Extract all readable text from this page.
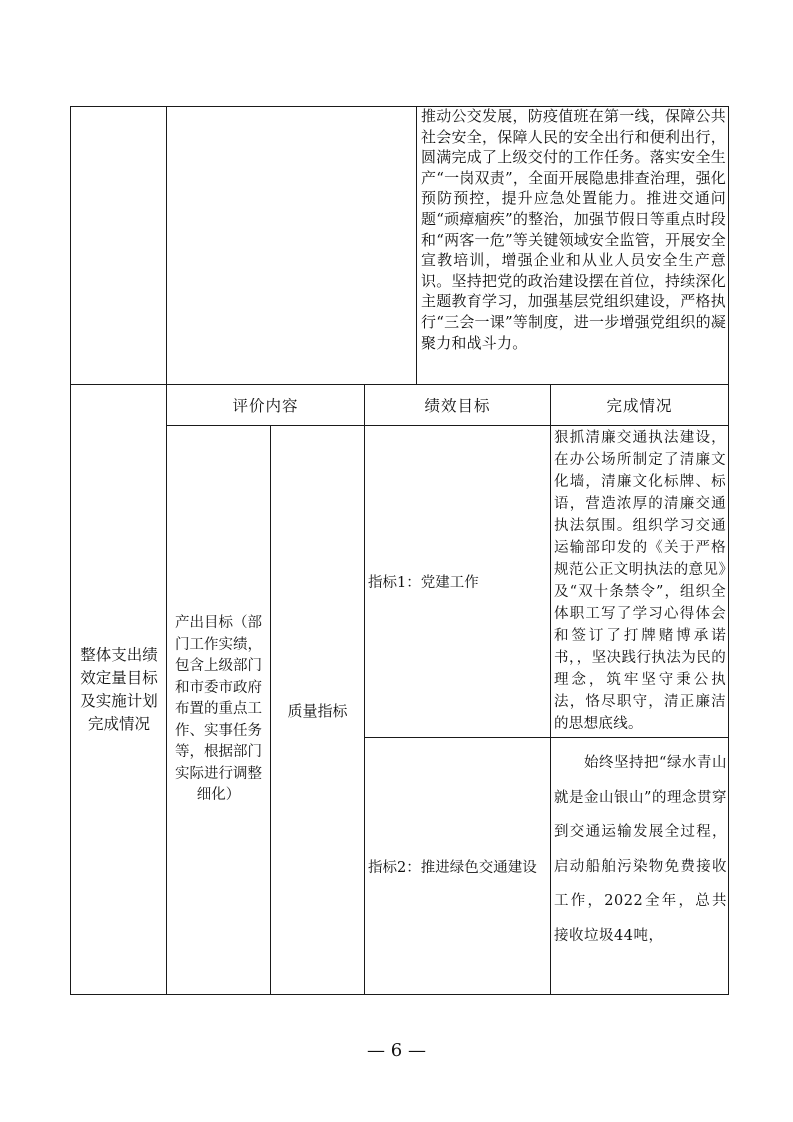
推动公交发展，防疫值班在第一线，保障公共社会安全，保障人民的安全出行和便利出行，圆满完成了上级交付的工作任务。落实安全生产“一岗双责”，全面开展隐患排查治理，强化预防预控，提升应急处置能力。推进交通问题“顽瘴痼疾”的整治，加强节假日等重点时段和“两客一危”等关键领域安全监管，开展安全宣教培训，增强企业和从业人员安全生产意识。坚持把党的政治建设摆在首位，持续深化主题教育学习，加强基层党组织建设，严格执行“三会一课”等制度，进一步增强党组织的凝聚力和战斗力。
整体支出绩效定量目标及实施计划完成情况
评价内容	绩效目标	完成情况
产出目标（部门工作实绩，包含上级部门和市委市政府布置的重点工作、实事任务等，根据部门实际进行调整细化）
质量指标
指标1：党建工作
狠抓清廉交通执法建设，在办公场所制定了清廉文化墙，清廉文化标牌、标语，营造浓厚的清廉交通执法氛围。组织学习交通运输部印发的《关于严格规范公正文明执法的意见》及“双十条禁令”，组织全体职工写了学习心得体会和签订了打牌赌博承诺书，，坚决践行执法为民的理念，筑牢坚守秉公执法，恪尽职守，清正廉洁的思想底线。
指标2：推进绿色交通建设
始终坚持把“绿水青山就是金山银山”的理念贯穿到交通运输发展全过程，启动船舶污染物免费接收工作，2022全年，总共接收垃圾44吨，
— 6 —
